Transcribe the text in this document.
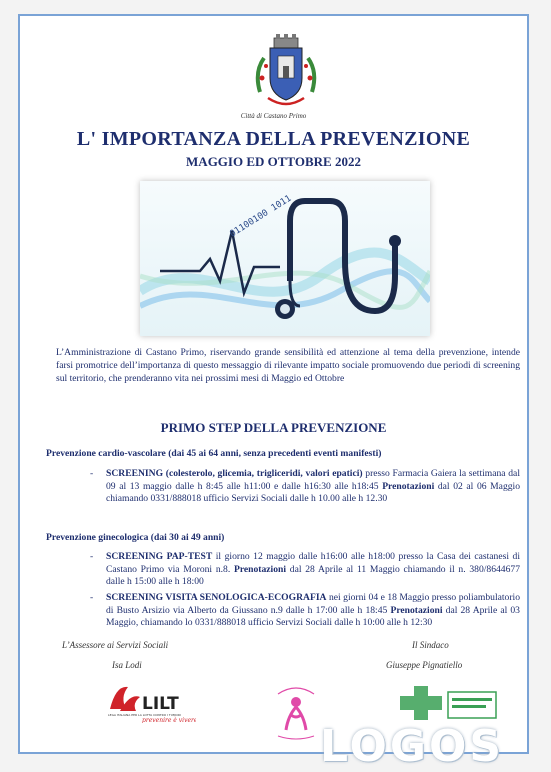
Città di Castano Primo
L' IMPORTANZA DELLA PREVENZIONE
MAGGIO ED OTTOBRE 2022
01100100 1011
L’Amministrazione di Castano Primo, riservando grande sensibilità ed attenzione al tema della prevenzione, intende farsi promotrice dell’importanza di questo messaggio di rilevante impatto sociale promuovendo due periodi di screening sul territorio, che prenderanno vita nei prossimi mesi di Maggio ed Ottobre
PRIMO STEP DELLA PREVENZIONE
Prevenzione cardio-vascolare (dai 45 ai 64 anni, senza precedenti eventi manifesti)
- SCREENING (colesterolo, glicemia, trigliceridi, valori epatici) presso Farmacia Gaiera la settimana dal 09 al 13 maggio dalle h 8:45 alle h11:00 e dalle h16:30 alle h18:45 Prenotazioni dal 02 al 06 Maggio chiamando 0331/888018 ufficio Servizi Sociali dalle h 10.00 alle h 12.30
Prevenzione ginecologica (dai 30 ai 49 anni)
- SCREENING PAP-TEST il giorno 12 maggio dalle h16:00 alle h18:00 presso la Casa dei castanesi di Castano Primo via Moroni n.8. Prenotazioni dal 28 Aprile al 11 Maggio chiamando il n. 380/8644677 dalle h 15:00 alle h 18:00
- SCREENING VISITA SENOLOGICA-ECOGRAFIA nei giorni 04 e 18 Maggio presso poliambulatorio di Busto Arsizio via Alberto da Giussano n.9 dalle h 17:00 alle h 18:45 Prenotazioni dal 28 Aprile al 03 Maggio, chiamando lo 0331/888018 ufficio Servizi Sociali dalle h 10:00 alle h 12:30
L’Assessore ai Servizi Sociali
Isa Lodi
Il Sindaco
Giuseppe Pignatiello
LILT
LEGA ITALIANA PER LA LOTTA CONTRO I TUMORI
prevenire è vivere
LOGOS
